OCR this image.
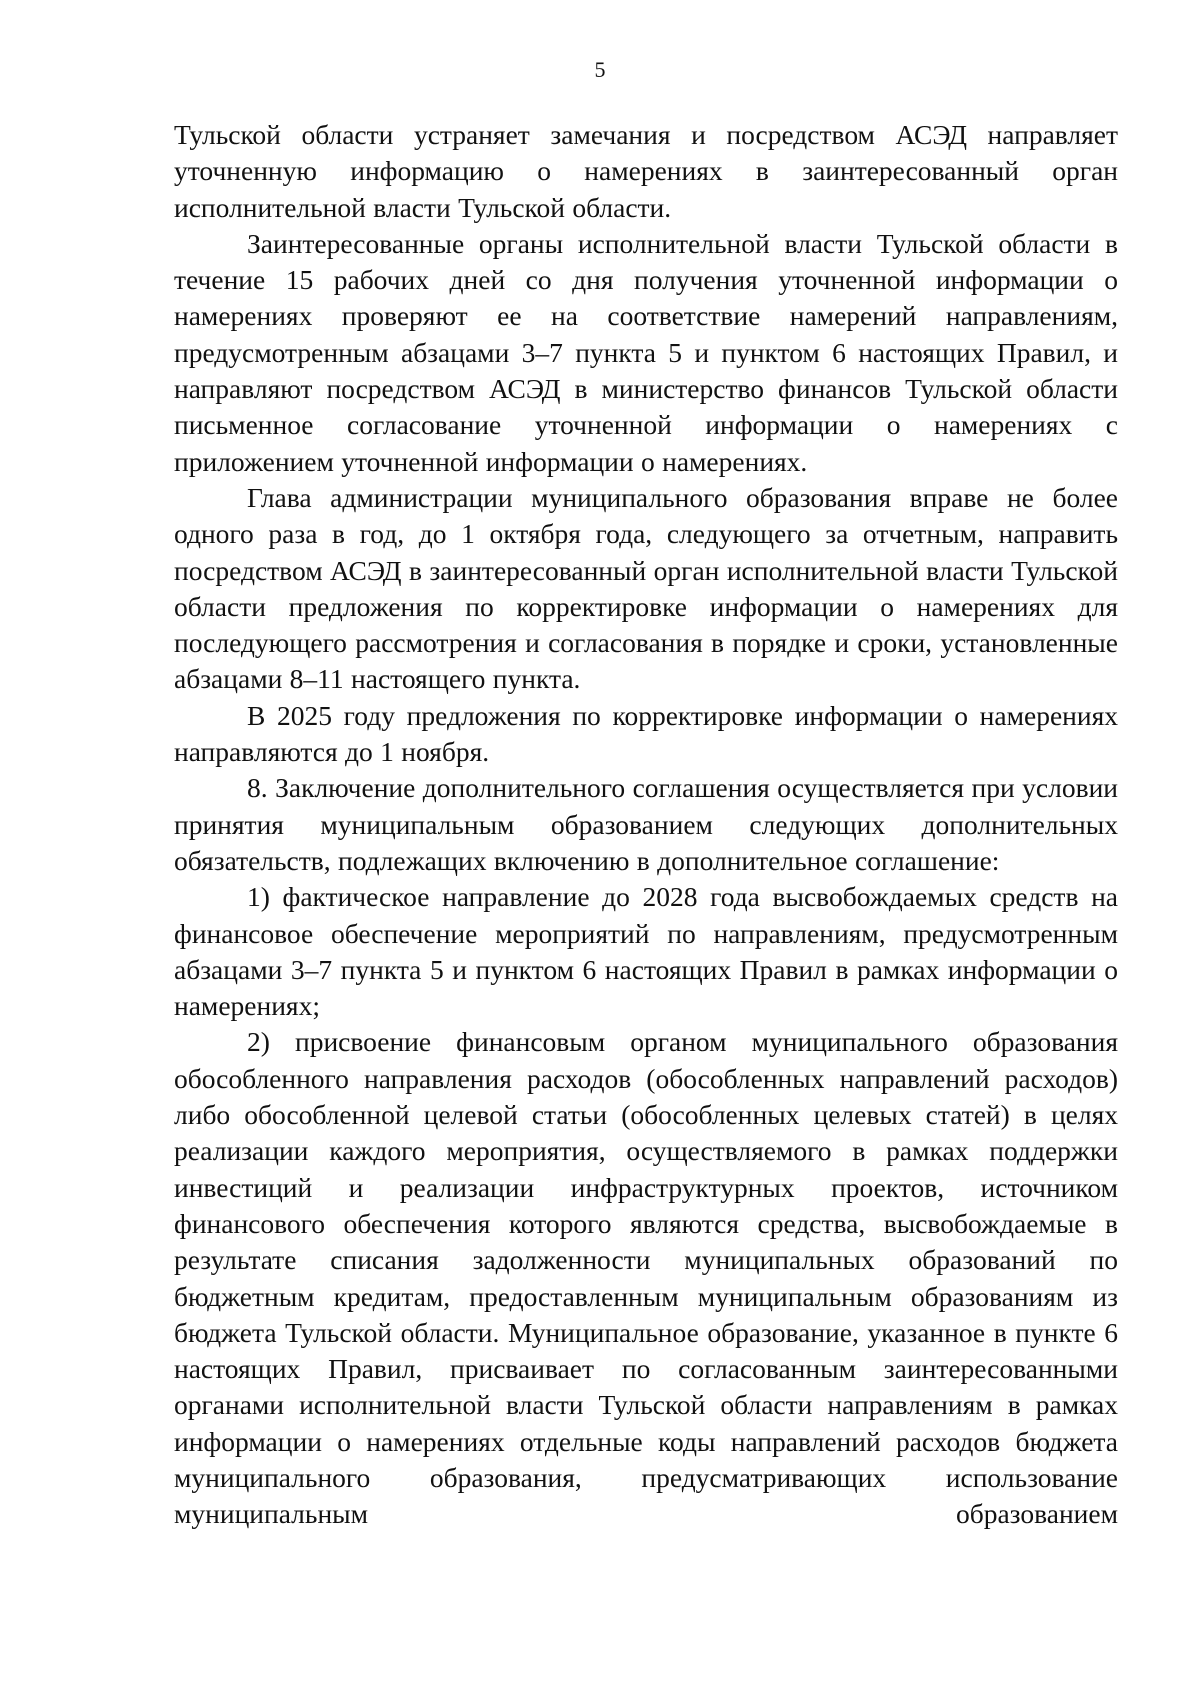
5

Тульской области устраняет замечания и посредством АСЭД направляет уточненную информацию о намерениях в заинтересованный орган исполнительной власти Тульской области.

Заинтересованные органы исполнительной власти Тульской области в течение 15 рабочих дней со дня получения уточненной информации о намерениях проверяют ее на соответствие намерений направлениям, предусмотренным абзацами 3–7 пункта 5 и пунктом 6 настоящих Правил, и направляют посредством АСЭД в министерство финансов Тульской области письменное согласование уточненной информации о намерениях с приложением уточненной информации о намерениях.

Глава администрации муниципального образования вправе не более одного раза в год, до 1 октября года, следующего за отчетным, направить посредством АСЭД в заинтересованный орган исполнительной власти Тульской области предложения по корректировке информации о намерениях для последующего рассмотрения и согласования в порядке и сроки, установленные абзацами 8–11 настоящего пункта.

В 2025 году предложения по корректировке информации о намерениях направляются до 1 ноября.

8. Заключение дополнительного соглашения осуществляется при условии принятия муниципальным образованием следующих дополнительных обязательств, подлежащих включению в дополнительное соглашение:

1) фактическое направление до 2028 года высвобождаемых средств на финансовое обеспечение мероприятий по направлениям, предусмотренным абзацами 3–7 пункта 5 и пунктом 6 настоящих Правил в рамках информации о намерениях;

2) присвоение финансовым органом муниципального образования обособленного направления расходов (обособленных направлений расходов) либо обособленной целевой статьи (обособленных целевых статей) в целях реализации каждого мероприятия, осуществляемого в рамках поддержки инвестиций и реализации инфраструктурных проектов, источником финансового обеспечения которого являются средства, высвобождаемые в результате списания задолженности муниципальных образований по бюджетным кредитам, предоставленным муниципальным образованиям из бюджета Тульской области. Муниципальное образование, указанное в пункте 6 настоящих Правил, присваивает по согласованным заинтересованными органами исполнительной власти Тульской области направлениям в рамках информации о намерениях отдельные коды направлений расходов бюджета муниципального образования, предусматривающих использование муниципальным образованием
